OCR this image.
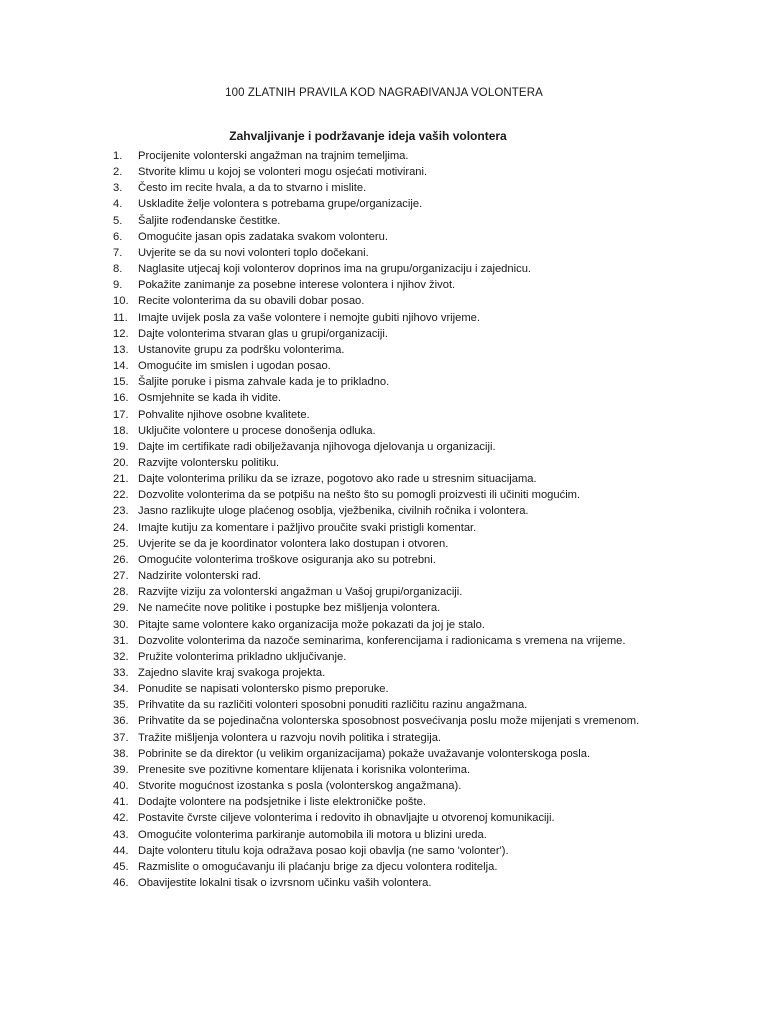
100 ZLATNIH PRAVILA KOD NAGRAĐIVANJA VOLONTERA
Zahvaljivanje i podržavanje ideja vaših volontera
1.	Procijenite volonterski angažman na trajnim temeljima.
2.	Stvorite klimu u kojoj se volonteri mogu osjećati motivirani.
3.	Često im recite hvala, a da to stvarno i mislite.
4.	Uskladite želje volontera s potrebama grupe/organizacije.
5.	Šaljite rođendanske čestitke.
6.	Omogućite jasan opis zadataka svakom volonteru.
7.	Uvjerite se da su novi volonteri toplo dočekani.
8.	Naglasite utjecaj koji volonterov doprinos ima na grupu/organizaciju i zajednicu.
9.	Pokažite zanimanje za posebne interese volontera i njihov život.
10. Recite volonterima da su obavili dobar posao.
11. Imajte uvijek posla za vaše volontere i nemojte gubiti njihovo vrijeme.
12. Dajte volonterima stvaran glas u grupi/organizaciji.
13. Ustanovite grupu za podršku volonterima.
14. Omogućite im smislen i ugodan posao.
15. Šaljite poruke i pisma zahvale kada je to prikladno.
16. Osmjehnite se kada ih vidite.
17. Pohvalite njihove osobne kvalitete.
18. Uključite volontere u procese donošenja odluka.
19. Dajte im certifikate radi obilježavanja njihovoga djelovanja u organizaciji.
20. Razvijte volontersku politiku.
21. Dajte volonterima priliku da se izraze, pogotovo ako rade u stresnim situacijama.
22. Dozvolite volonterima da se potpišu na nešto što su pomogli proizvesti ili učiniti mogućim.
23. Jasno razlikujte uloge plaćenog osoblja, vježbenika, civilnih ročnika i volontera.
24. Imajte kutiju za komentare i pažljivo proučite svaki pristigli komentar.
25. Uvjerite se da je koordinator volontera lako dostupan i otvoren.
26. Omogućite volonterima troškove osiguranja ako su potrebni.
27. Nadzirite volonterski rad.
28. Razvijte viziju za volonterski angažman u Vašoj grupi/organizaciji.
29. Ne namećite nove politike i postupke bez mišljenja volontera.
30. Pitajte same volontere kako organizacija može pokazati da joj je stalo.
31. Dozvolite volonterima da nazoče seminarima, konferencijama i radionicama s vremena na vrijeme.
32. Pružite volonterima prikladno uključivanje.
33. Zajedno slavite kraj svakoga projekta.
34. Ponudite se napisati volontersko pismo preporuke.
35. Prihvatite da su različiti volonteri sposobni ponuditi različitu razinu angažmana.
36. Prihvatite da se pojedinačna volonterska sposobnost posvećivanja poslu može mijenjati s vremenom.
37. Tražite mišljenja volontera u razvoju novih politika i strategija.
38. Pobrinite se da direktor (u velikim organizacijama) pokaže uvažavanje volonterskoga posla.
39. Prenesite sve pozitivne komentare klijenata i korisnika volonterima.
40. Stvorite mogućnost izostanka s posla (volonterskog angažmana).
41. Dodajte volontere na podsjetnike i liste elektroničke pošte.
42. Postavite čvrste ciljeve volonterima i redovito ih obnavljajte u otvorenoj komunikaciji.
43. Omogućite volonterima parkiranje automobila ili motora u blizini ureda.
44. Dajte volonteru titulu koja odražava posao koji obavlja (ne samo 'volonter').
45. Razmislite o omogućavanju ili plaćanju brige za djecu volontera roditelja.
46. Obavijestite lokalni tisak o izvrsnom učinku vaših volontera.
